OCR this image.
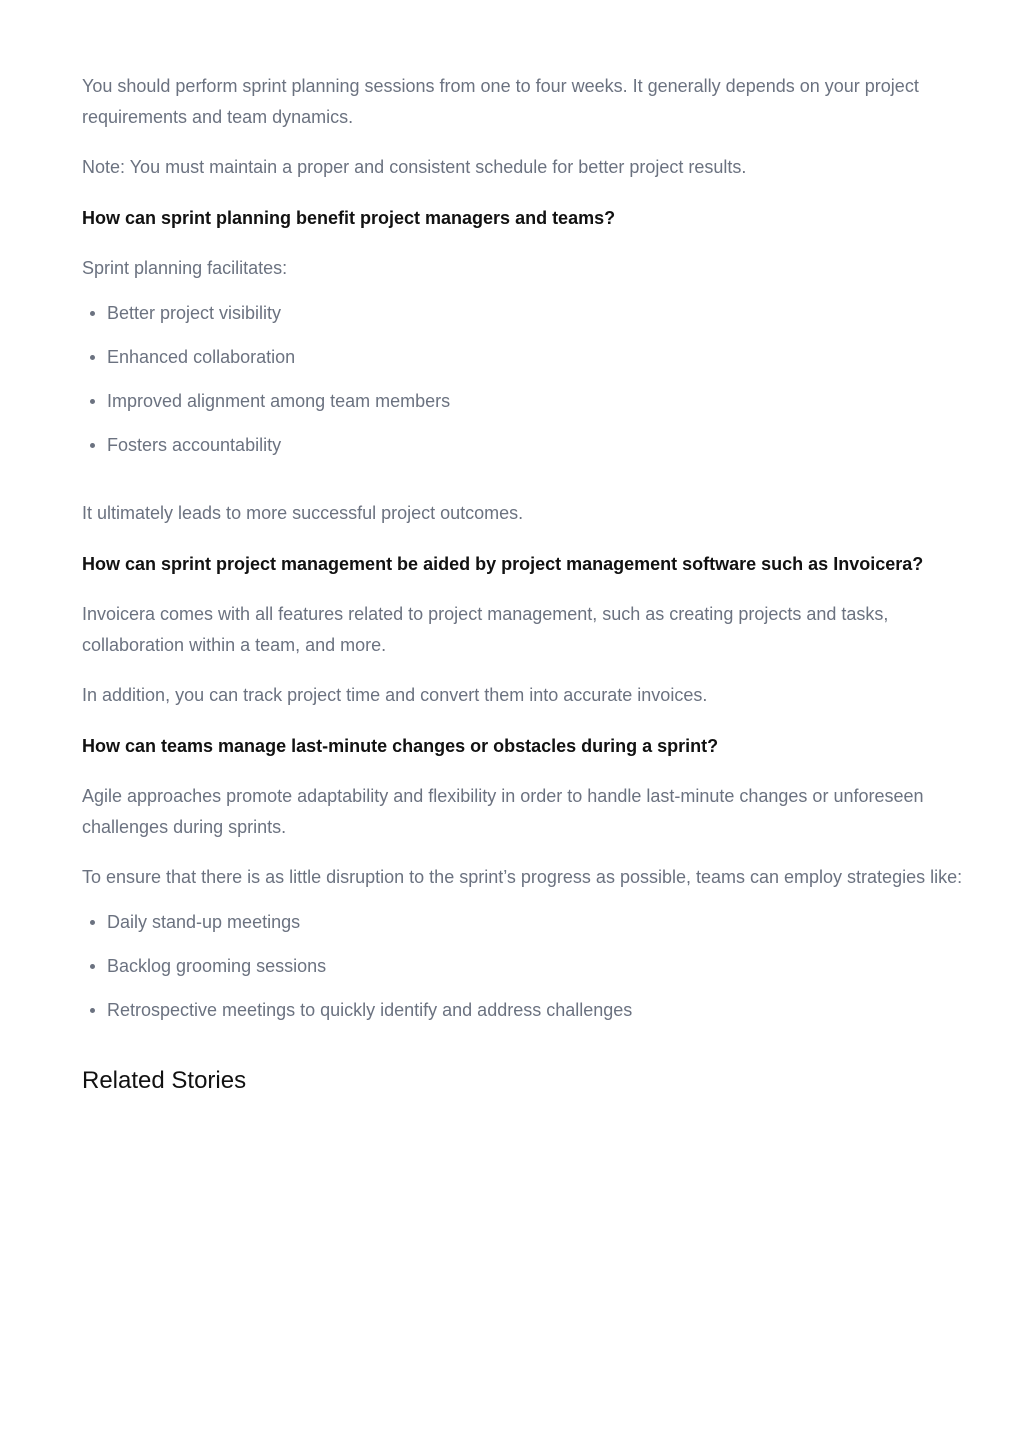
You should perform sprint planning sessions from one to four weeks. It generally depends on your project requirements and team dynamics.

Note: You must maintain a proper and consistent schedule for better project results.

How can sprint planning benefit project managers and teams?

Sprint planning facilitates:

Better project visibility
Enhanced collaboration
Improved alignment among team members
Fosters accountability

It ultimately leads to more successful project outcomes.

How can sprint project management be aided by project management software such as Invoicera?

Invoicera comes with all features related to project management, such as creating projects and tasks, collaboration within a team, and more.

In addition, you can track project time and convert them into accurate invoices.

How can teams manage last-minute changes or obstacles during a sprint?

Agile approaches promote adaptability and flexibility in order to handle last-minute changes or unforeseen challenges during sprints.

To ensure that there is as little disruption to the sprint’s progress as possible, teams can employ strategies like:

Daily stand-up meetings
Backlog grooming sessions
Retrospective meetings to quickly identify and address challenges
Related Stories
